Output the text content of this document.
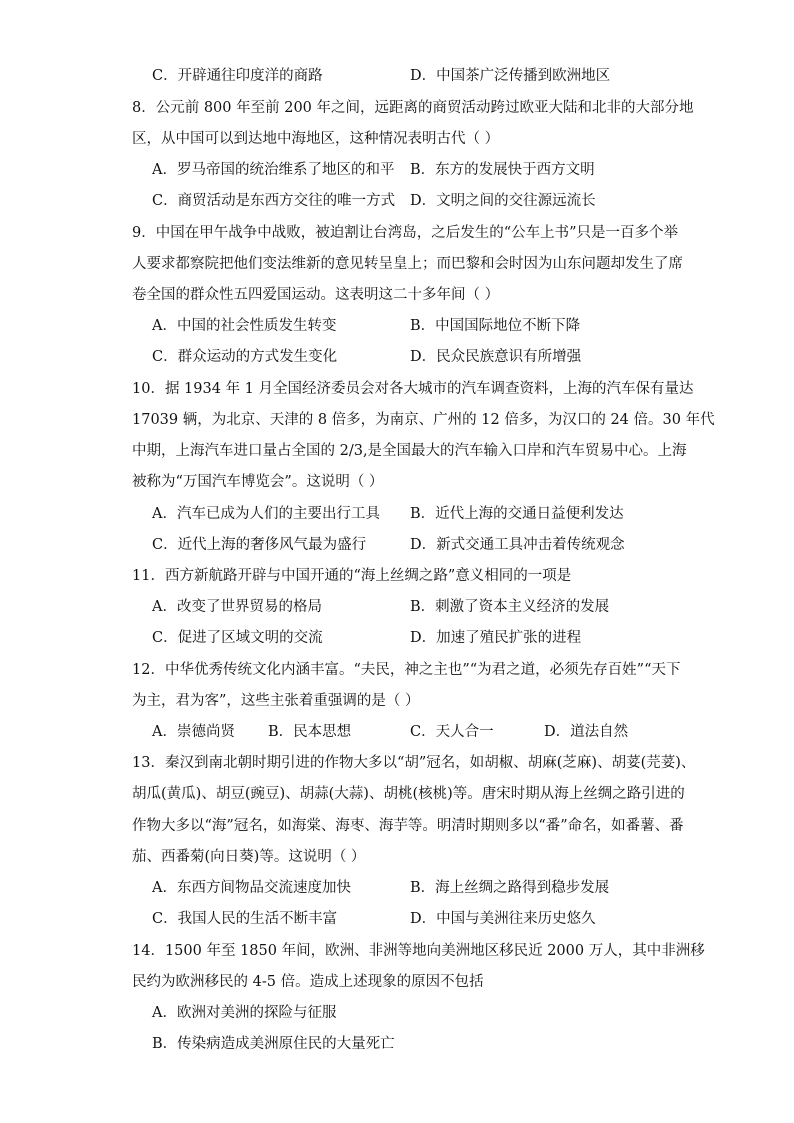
C．开辟通往印度洋的商路	D．中国茶广泛传播到欧洲地区
8．公元前 800 年至前 200 年之间，远距离的商贸活动跨过欧亚大陆和北非的大部分地
区，从中国可以到达地中海地区，这种情况表明古代（ ）
A．罗马帝国的统治维系了地区的和平 B．东方的发展快于西方文明
C．商贸活动是东西方交往的唯一方式 D．文明之间的交往源远流长
9．中国在甲午战争中战败，被迫割让台湾岛，之后发生的“公车上书”只是一百多个举
人要求都察院把他们变法维新的意见转呈皇上；而巴黎和会时因为山东问题却发生了席
卷全国的群众性五四爱国运动。这表明这二十多年间（ ）
A．中国的社会性质发生转变	B．中国国际地位不断下降
C．群众运动的方式发生变化	D．民众民族意识有所增强
10．据 1934 年 1 月全国经济委员会对各大城市的汽车调查资料，上海的汽车保有量达
17039 辆，为北京、天津的 8 倍多，为南京、广州的 12 倍多，为汉口的 24 倍。30 年代
中期，上海汽车进口量占全国的 2/3,是全国最大的汽车输入口岸和汽车贸易中心。上海
被称为“万国汽车博览会”。这说明（ ）
A．汽车已成为人们的主要出行工具 B．近代上海的交通日益便利发达
C．近代上海的奢侈风气最为盛行	D．新式交通工具冲击着传统观念
11．西方新航路开辟与中国开通的“海上丝绸之路”意义相同的一项是
A．改变了世界贸易的格局	B．刺激了资本主义经济的发展
C．促进了区域文明的交流	D．加速了殖民扩张的进程
12．中华优秀传统文化内涵丰富。“夫民，神之主也”“为君之道，必须先存百姓”“天下
为主，君为客”，这些主张着重强调的是（ ）
A．崇德尚贤 B．民本思想	C．天人合一	D．道法自然
13．秦汉到南北朝时期引进的作物大多以“胡”冠名，如胡椒、胡麻(芝麻)、胡荽(芫荽)、
胡瓜(黄瓜)、胡豆(豌豆)、胡蒜(大蒜)、胡桃(核桃)等。唐宋时期从海上丝绸之路引进的
作物大多以“海”冠名，如海棠、海枣、海芋等。明清时期则多以“番”命名，如番薯、番
茄、西番菊(向日葵)等。这说明（ ）
A．东西方间物品交流速度加快	B．海上丝绸之路得到稳步发展
C．我国人民的生活不断丰富	D．中国与美洲往来历史悠久
14．1500 年至 1850 年间，欧洲、非洲等地向美洲地区移民近 2000 万人，其中非洲移
民约为欧洲移民的 4-5 倍。造成上述现象的原因不包括
A．欧洲对美洲的探险与征服
B．传染病造成美洲原住民的大量死亡
